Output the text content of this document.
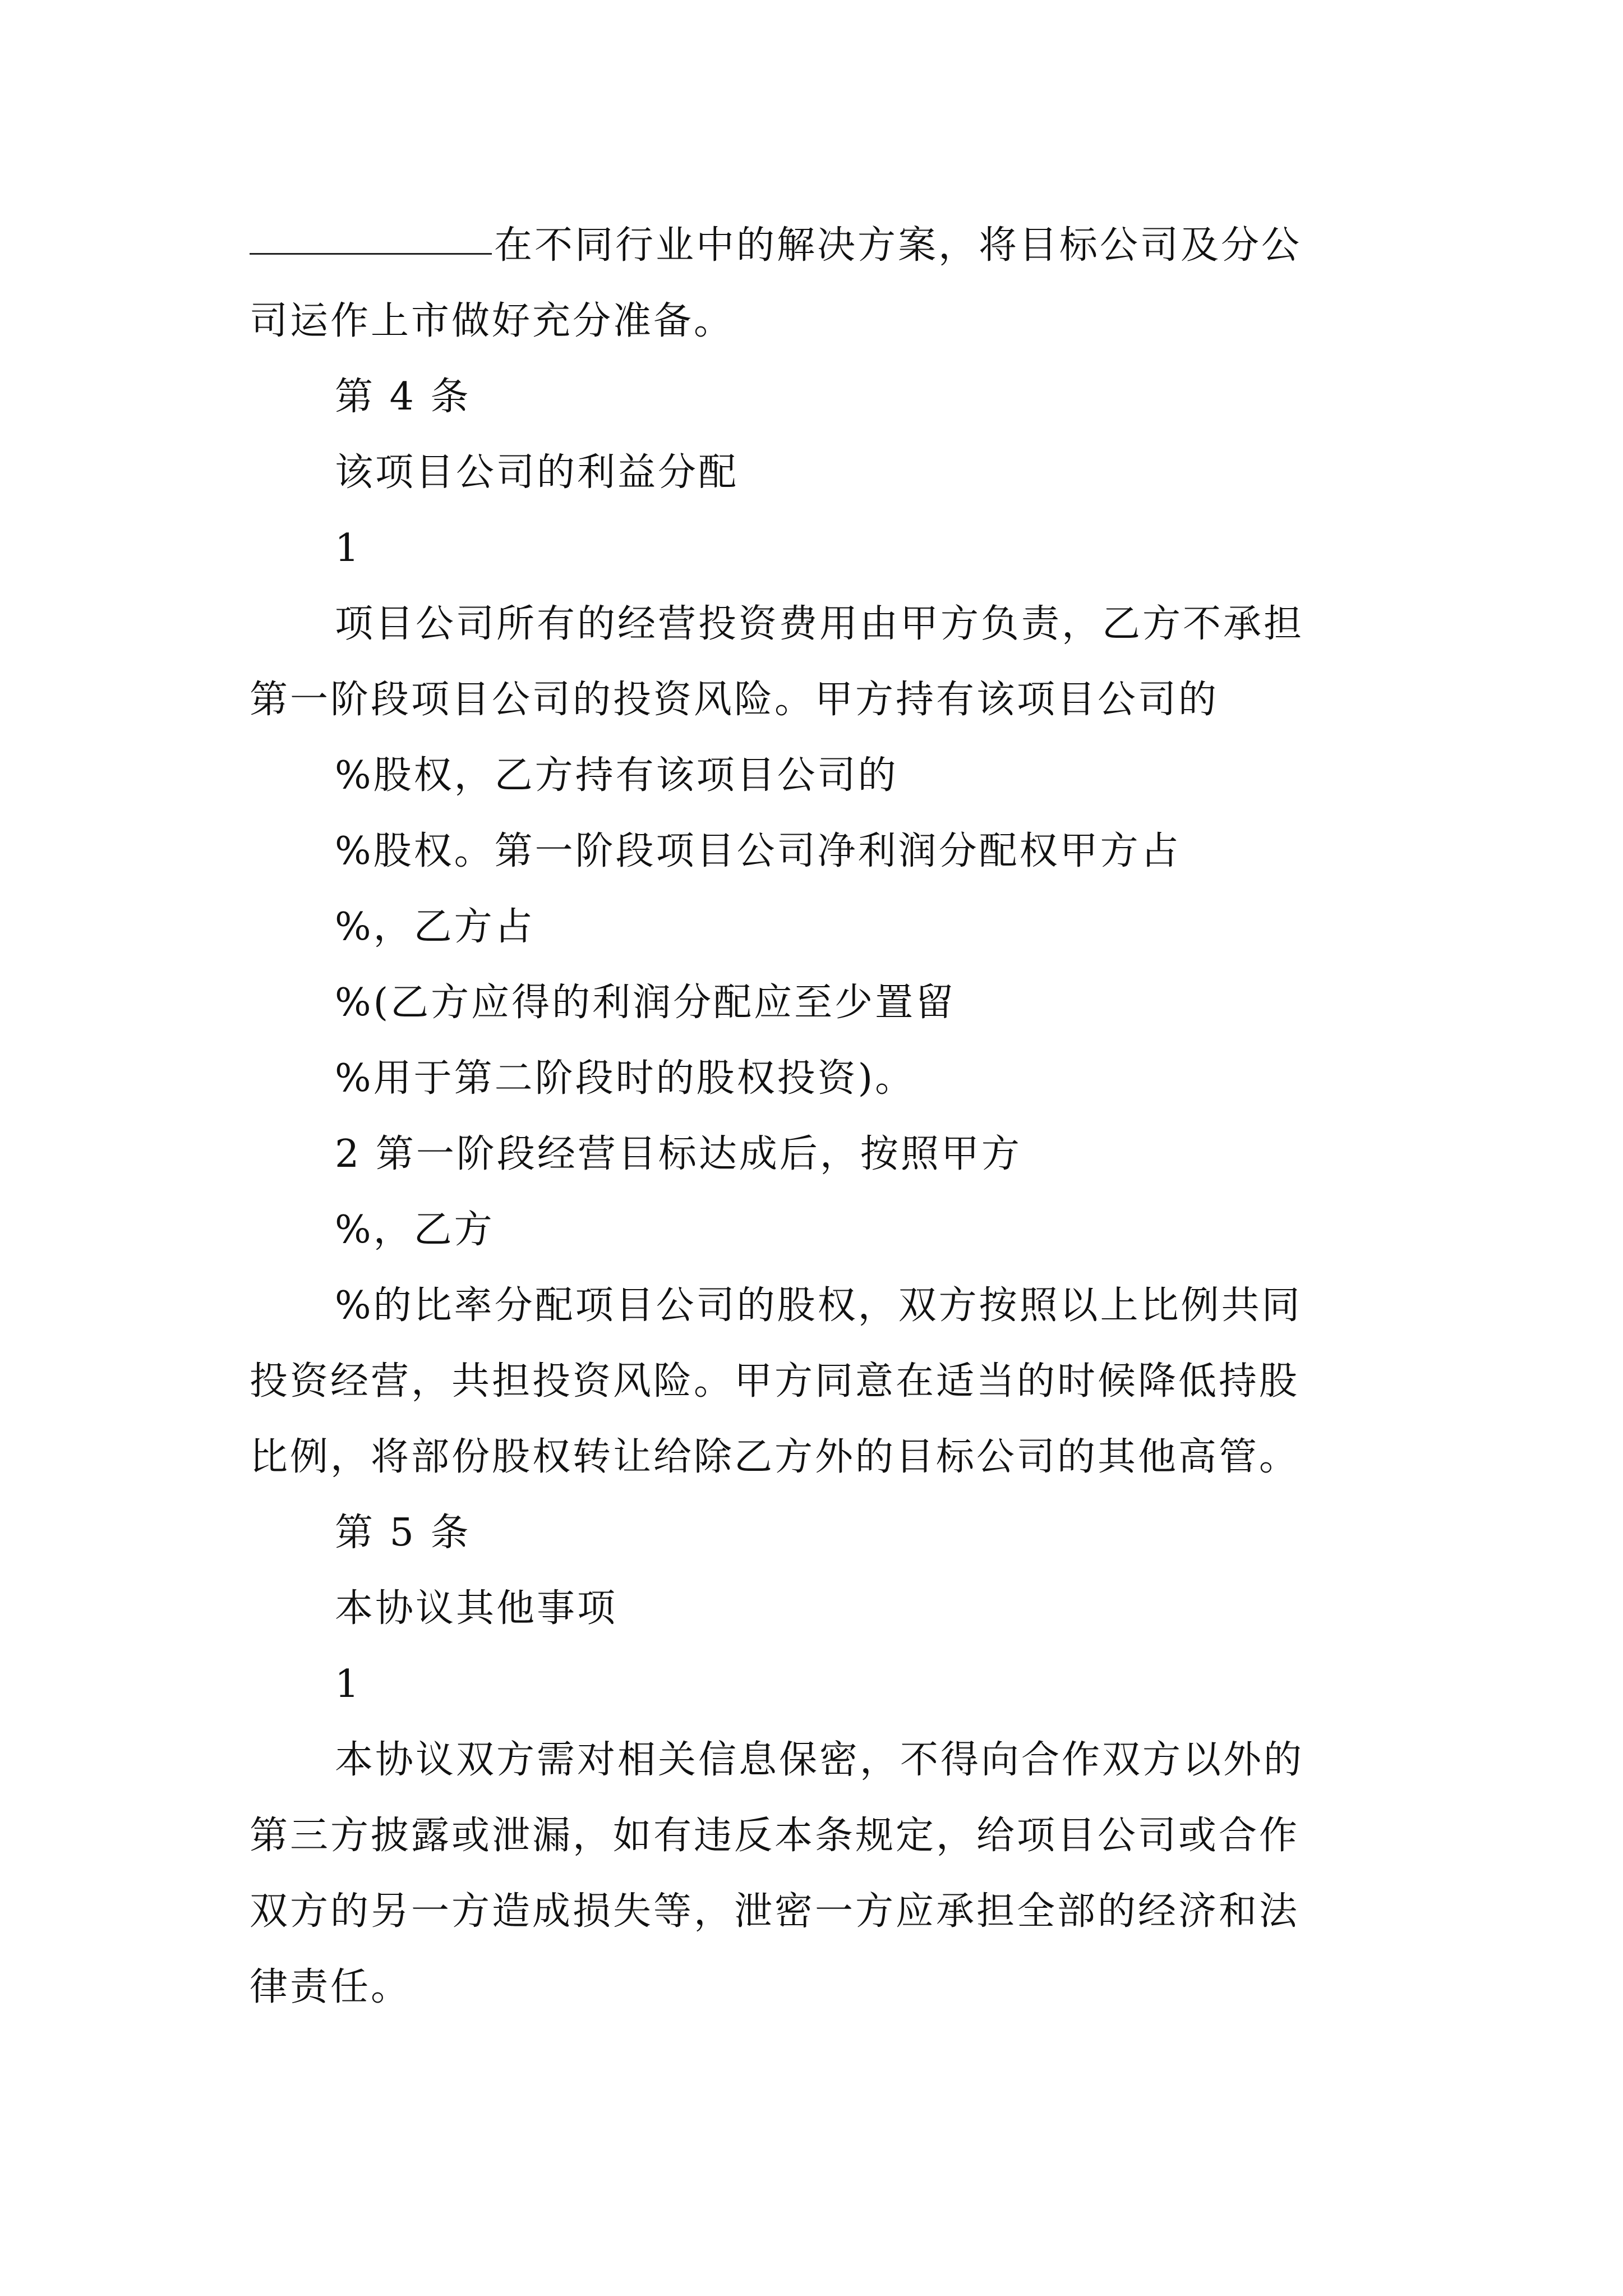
在不同行业中的解决方案，将目标公司及分公
司运作上市做好充分准备。
第 4 条
该项目公司的利益分配
1
项目公司所有的经营投资费用由甲方负责，乙方不承担
第一阶段项目公司的投资风险。甲方持有该项目公司的
%股权，乙方持有该项目公司的
%股权。第一阶段项目公司净利润分配权甲方占
%，乙方占
%(乙方应得的利润分配应至少置留
%用于第二阶段时的股权投资)。
2 第一阶段经营目标达成后，按照甲方
%，乙方
%的比率分配项目公司的股权，双方按照以上比例共同
投资经营，共担投资风险。甲方同意在适当的时候降低持股
比例，将部份股权转让给除乙方外的目标公司的其他高管。
第 5 条
本协议其他事项
1
本协议双方需对相关信息保密，不得向合作双方以外的
第三方披露或泄漏，如有违反本条规定，给项目公司或合作
双方的另一方造成损失等，泄密一方应承担全部的经济和法
律责任。
